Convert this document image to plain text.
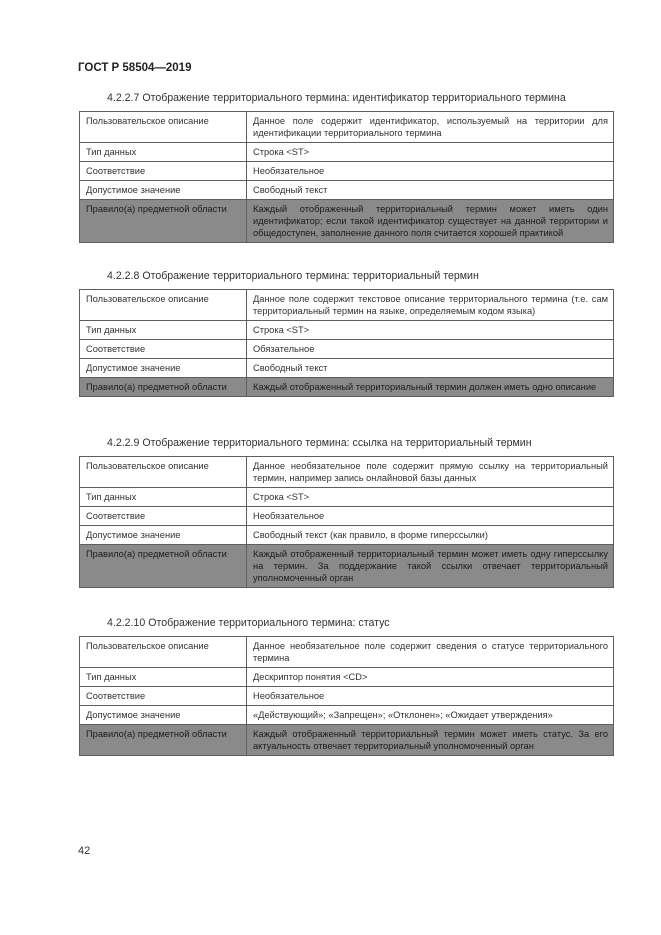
ГОСТ Р 58504—2019
4.2.2.7 Отображение территориального термина: идентификатор территориального термина
Пользовательское описание	Данное поле содержит идентификатор, используемый на территории для идентификации территориального термина
Тип данных	Строка <ST>
Соответствие	Необязательное
Допустимое значение	Свободный текст
Правило(а) предметной области	Каждый отображенный территориальный термин может иметь один идентификатор; если такой идентификатор существует на данной территории и общедоступен, заполнение данного поля считается хорошей практикой
4.2.2.8 Отображение территориального термина: территориальный термин
Пользовательское описание	Данное поле содержит текстовое описание территориального термина (т.е. сам территориальный термин на языке, определяемым кодом языка)
Тип данных	Строка <ST>
Соответствие	Обязательное
Допустимое значение	Свободный текст
Правило(а) предметной области	Каждый отображенный территориальный термин должен иметь одно описание
4.2.2.9 Отображение территориального термина: ссылка на территориальный термин
Пользовательское описание	Данное необязательное поле содержит прямую ссылку на территориальный термин, например запись онлайновой базы данных
Тип данных	Строка <ST>
Соответствие	Необязательное
Допустимое значение	Свободный текст (как правило, в форме гиперссылки)
Правило(а) предметной области	Каждый отображенный территориальный термин может иметь одну гиперссылку на термин. За поддержание такой ссылки отвечает территориальный уполномоченный орган
4.2.2.10 Отображение территориального термина: статус
Пользовательское описание	Данное необязательное поле содержит сведения о статусе территориального термина
Тип данных	Дескриптор понятия <CD>
Соответствие	Необязательное
Допустимое значение	«Действующий»; «Запрещен»; «Отклонен»; «Ожидает утверждения»
Правило(а) предметной области	Каждый отображенный территориальный термин может иметь статус. За его актуальность отвечает территориальный уполномоченный орган
42
